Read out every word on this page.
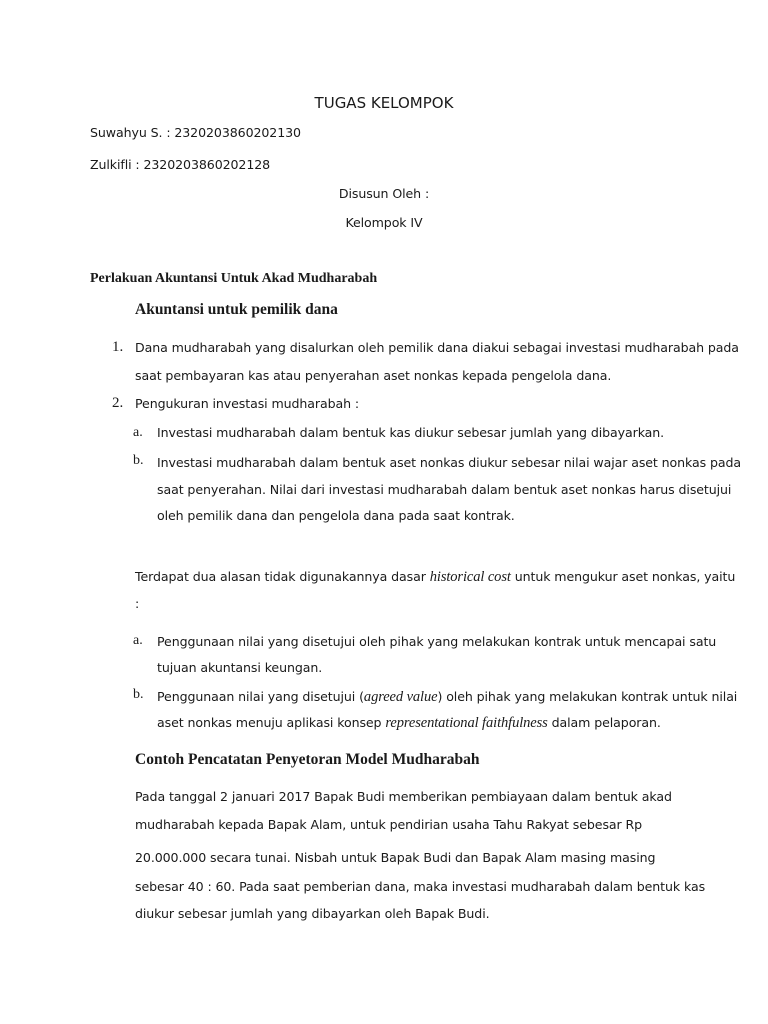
TUGAS KELOMPOK
Suwahyu S. : 2320203860202130
Zulkifli : 2320203860202128
Disusun Oleh :
Kelompok IV
Perlakuan Akuntansi Untuk Akad Mudharabah
Akuntansi untuk pemilik dana
1. Dana mudharabah yang disalurkan oleh pemilik dana diakui sebagai investasi mudharabah pada
saat pembayaran kas atau penyerahan aset nonkas kepada pengelola dana.
2. Pengukuran investasi mudharabah :
a. Investasi mudharabah dalam bentuk kas diukur sebesar jumlah yang dibayarkan.
b. Investasi mudharabah dalam bentuk aset nonkas diukur sebesar nilai wajar aset nonkas pada
saat penyerahan. Nilai dari investasi mudharabah dalam bentuk aset nonkas harus disetujui
oleh pemilik dana dan pengelola dana pada saat kontrak.
Terdapat dua alasan tidak digunakannya dasar historical cost untuk mengukur aset nonkas, yaitu
:
a. Penggunaan nilai yang disetujui oleh pihak yang melakukan kontrak untuk mencapai satu
tujuan akuntansi keungan.
b. Penggunaan nilai yang disetujui (agreed value) oleh pihak yang melakukan kontrak untuk nilai
aset nonkas menuju aplikasi konsep representational faithfulness dalam pelaporan.
Contoh Pencatatan Penyetoran Model Mudharabah
Pada tanggal 2 januari 2017 Bapak Budi memberikan pembiayaan dalam bentuk akad
mudharabah kepada Bapak Alam, untuk pendirian usaha Tahu Rakyat sebesar Rp
20.000.000 secara tunai. Nisbah untuk Bapak Budi dan Bapak Alam masing masing
sebesar 40 : 60. Pada saat pemberian dana, maka investasi mudharabah dalam bentuk kas
diukur sebesar jumlah yang dibayarkan oleh Bapak Budi.
